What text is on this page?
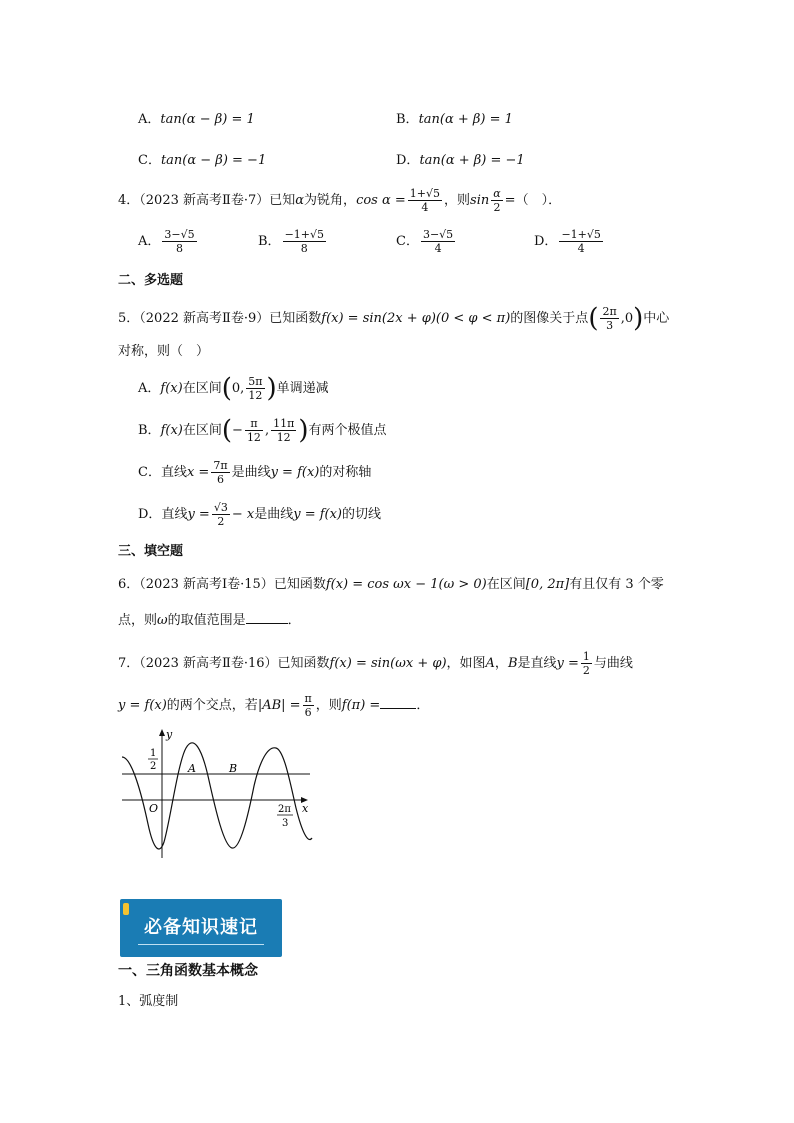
A．tan(α − β) = 1	B．tan(α + β) = 1
C．tan(α − β) = −1	D．tan(α + β) = −1
4．（2023 新高考Ⅱ卷·7）已知α为锐角，$\cos \alpha = \frac{1+√5}{4}$ ，则$\sin \frac{\alpha}{2}$ =（　）．
A． $\frac{3-√5}{8}$	B． $\frac{-1+√5}{8}$	C． $\frac{3-√5}{4}$	D． $\frac{-1+√5}{4}$
二、多选题
5．（2022 新高考Ⅱ卷·9）已知函数f(x) = sin(2x + φ)(0 < φ < π)的图像关于点( $\frac{2\pi}{3} ,0$)中心
对称，则（　）
A．f(x)在区间(0, $\frac{5\pi}{12}$ )单调递减
B．f(x)在区间(− $\frac{\pi}{12}$ , $\frac{11\pi}{12}$ )有两个极值点
C．直线$x = \frac{7\pi}{6}$ 是曲线y = f(x)的对称轴
D．直线$y = \frac{√3}{2} - x$是曲线y = f(x)的切线
三、填空题
6．（2023 新高考Ⅰ卷·15）已知函数f(x) = cos ωx − 1(ω > 0)在区间[0, 2π]有且仅有 3 个零
点，则ω的取值范围是	．
7．（2023 新高考Ⅱ卷·16）已知函数f(x) = sin(ωx + φ)，如图A，B是直线$y = \frac{1}{2}$ 与曲线
y = f(x)的两个交点，若$|AB| = \frac{\pi}{6}$ ，则f(π) =	．
y
x
O
1
2	A	B
2π
3
必备知识速记
一、三角函数基本概念
1、弧度制
